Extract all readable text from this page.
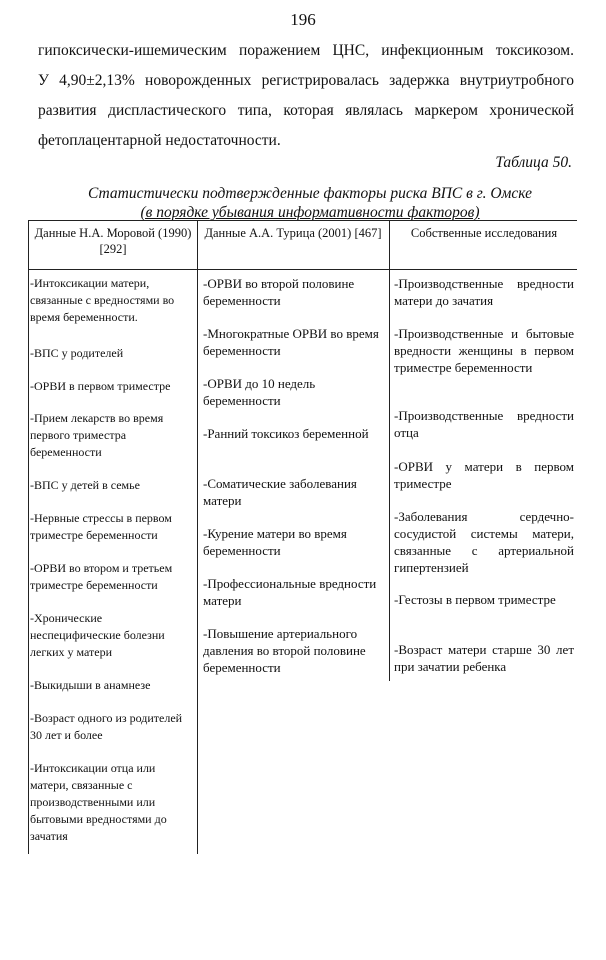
196
гипоксически-ишемическим поражением ЦНС, инфекционным токсикозом.
У 4,90±2,13% новорожденных регистрировалась задержка внутриутробного
развития диспластического типа, которая являлась маркером хронической
фетоплацентарной недостаточности.
Таблица 50.
Статистически подтвержденные факторы риска ВПС в г. Омске
(в порядке убывания информативности факторов)
Данные Н.А. Моровой (1990) [292]
Данные А.А. Турица (2001) [467]	Собственные исследования
-Интоксикации матери, связанные с вредностями во время беременности.
-ВПС у родителей
-ОРВИ в первом триместре
-Прием лекарств во время первого триместра беременности
-ВПС у детей в семье
-Нервные стрессы в первом триместре беременности
-ОРВИ во втором и третьем триместре беременности
-Хронические неспецифические болезни легких у матери
-Выкидыши в анамнезе
-Возраст одного из родителей 30 лет и более
-Интоксикации отца или матери, связанные с производственными или бытовыми вредностями до зачатия
-ОРВИ во второй половине беременности
-Многократные ОРВИ во время беременности
-ОРВИ до 10 недель беременности
-Ранний токсикоз беременной
-Соматические заболевания матери
-Курение матери во время беременности
-Профессиональные вредности матери
-Повышение артериального давления во второй половине беременности
-Производственные вредности матери до зачатия
-Производственные и бытовые вредности женщины в первом триместре беременности
-Производственные вредности отца
-ОРВИ у матери в первом триместре
-Заболевания сердечно-сосудистой системы матери, связанные с артериальной гипертензией
-Гестозы в первом триместре
-Возраст матери старше 30 лет при зачатии ребенка
